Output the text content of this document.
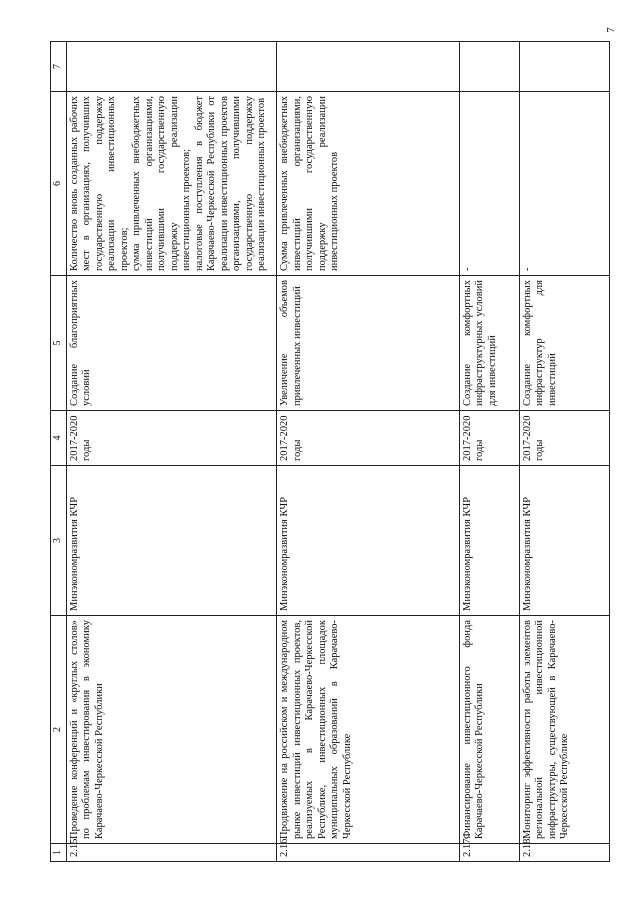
7
1	2	3	4	5	6	7
2.15.	Проведение конференций и «круглых столов» по проблемам инвестирования в экономику Карачаево-Черкесской Республики	Минэкономразвития КЧР	2017-2020 годы	Создание благоприятных условий	Количество вновь созданных рабочих мест в организациях, получивших государственную поддержку реализации инвестиционных проектов; сумма привлеченных внебюджетных инвестиций организациями, получившими государственную поддержку реализации инвестиционных проектов; налоговые поступления в бюджет Карачаево-Черкесской Республики от реализации инвестиционных проектов организациями, получившими государственную поддержку реализации инвестиционных проектов	

2.16.	Продвижение на российском и международном рынке инвестиций инвестиционных проектов, реализуемых в Карачаево-Черкесской Республике, инвестиционных площадок муниципальных образований в Карачаево-Черкесской Республике	Минэкономразвития КЧР	2017-2020 годы	Увеличение объемов привлеченных инвестиций	Сумма привлеченных внебюджетных инвестиций организациями, получившими государственную поддержку реализации инвестиционных проектов	

2.17.	Финансирование инвестиционного фонда Карачаево-Черкесской Республики	Минэкономразвития КЧР	2017-2020 годы	Создание комфортных инфраструктурных условий для инвестиций	-	

2.18.	Мониторинг эффективности работы элементов региональной инвестиционной инфраструктуры, существующей в Карачаево-Черкесской Республике	Минэкономразвития КЧР	2017-2020 годы	Создание комфортных инфраструктур для инвестиций	-	
